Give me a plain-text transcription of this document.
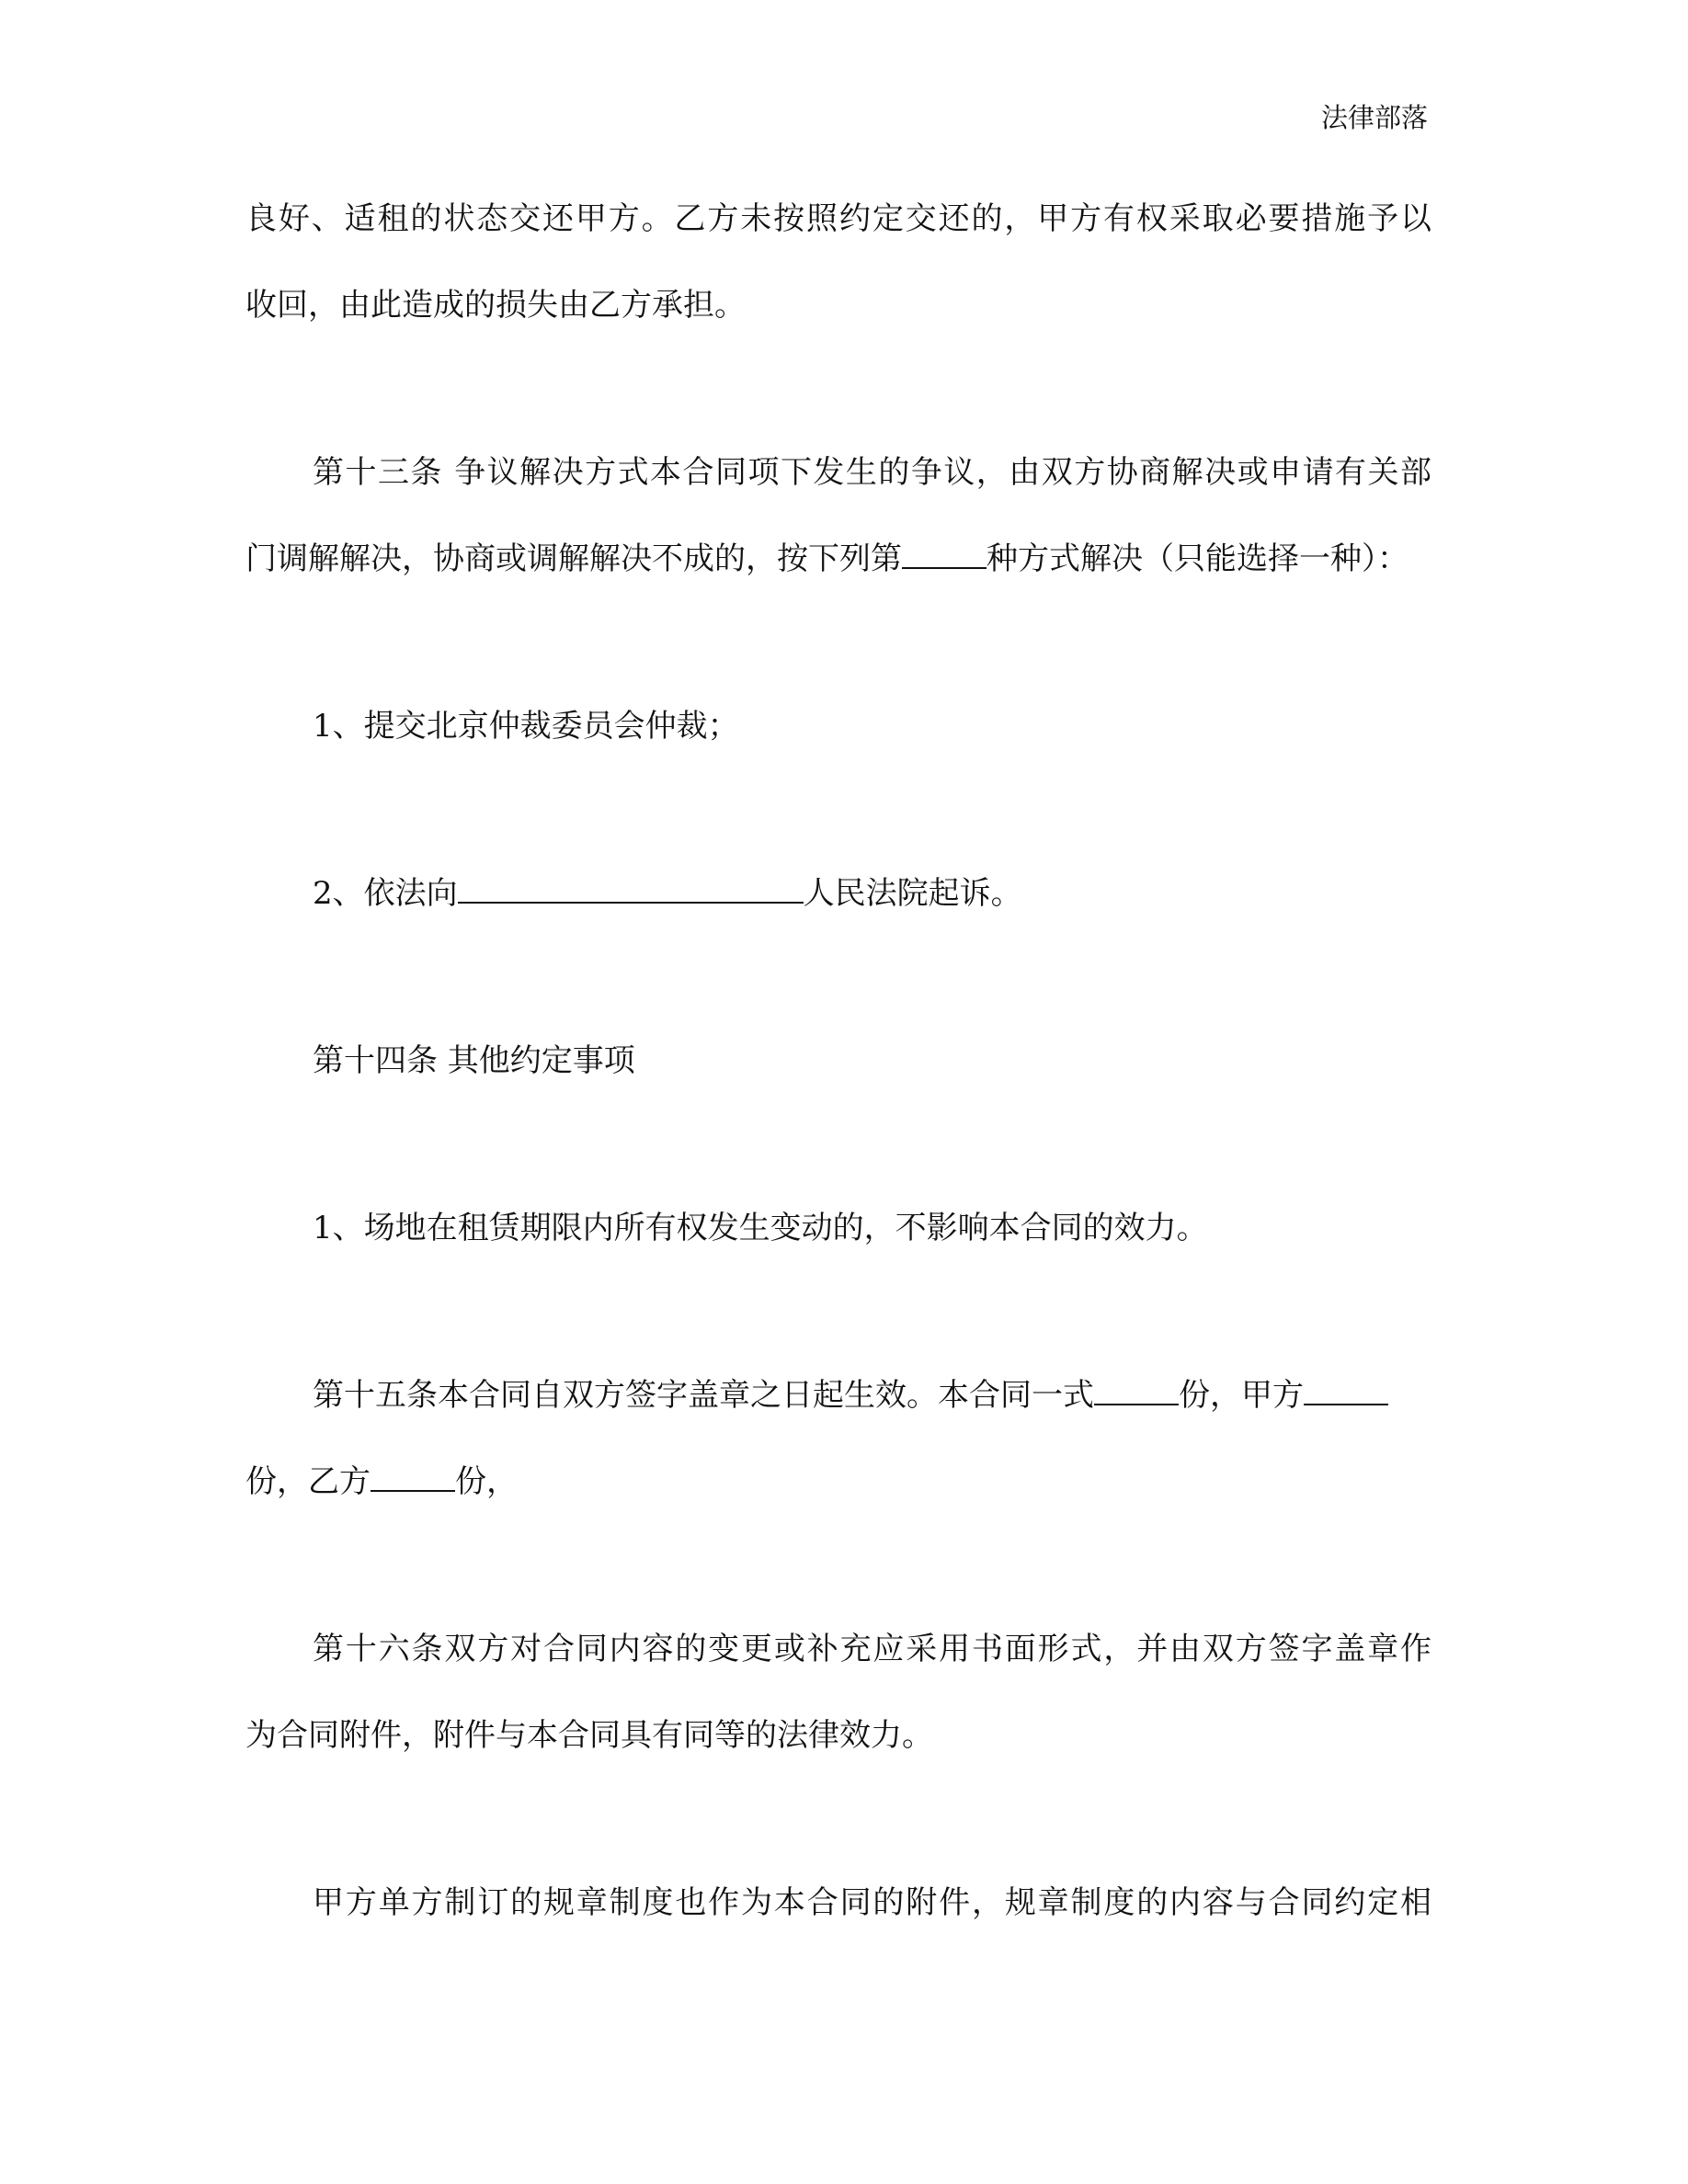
法律部落
良好、适租的状态交还甲方。乙方未按照约定交还的，甲方有权采取必要措施予以
收回，由此造成的损失由乙方承担。
第十三条 争议解决方式本合同项下发生的争议，由双方协商解决或申请有关部
门调解解决，协商或调解解决不成的，按下列第	种方式解决（只能选择一种）：
1、提交北京仲裁委员会仲裁；
2、依法向	人民法院起诉。
第十四条 其他约定事项
1、场地在租赁期限内所有权发生变动的，不影响本合同的效力。
第十五条本合同自双方签字盖章之日起生效。本合同一式	份，甲方
份，乙方	份，
第十六条双方对合同内容的变更或补充应采用书面形式，并由双方签字盖章作
为合同附件，附件与本合同具有同等的法律效力。
甲方单方制订的规章制度也作为本合同的附件，规章制度的内容与合同约定相
